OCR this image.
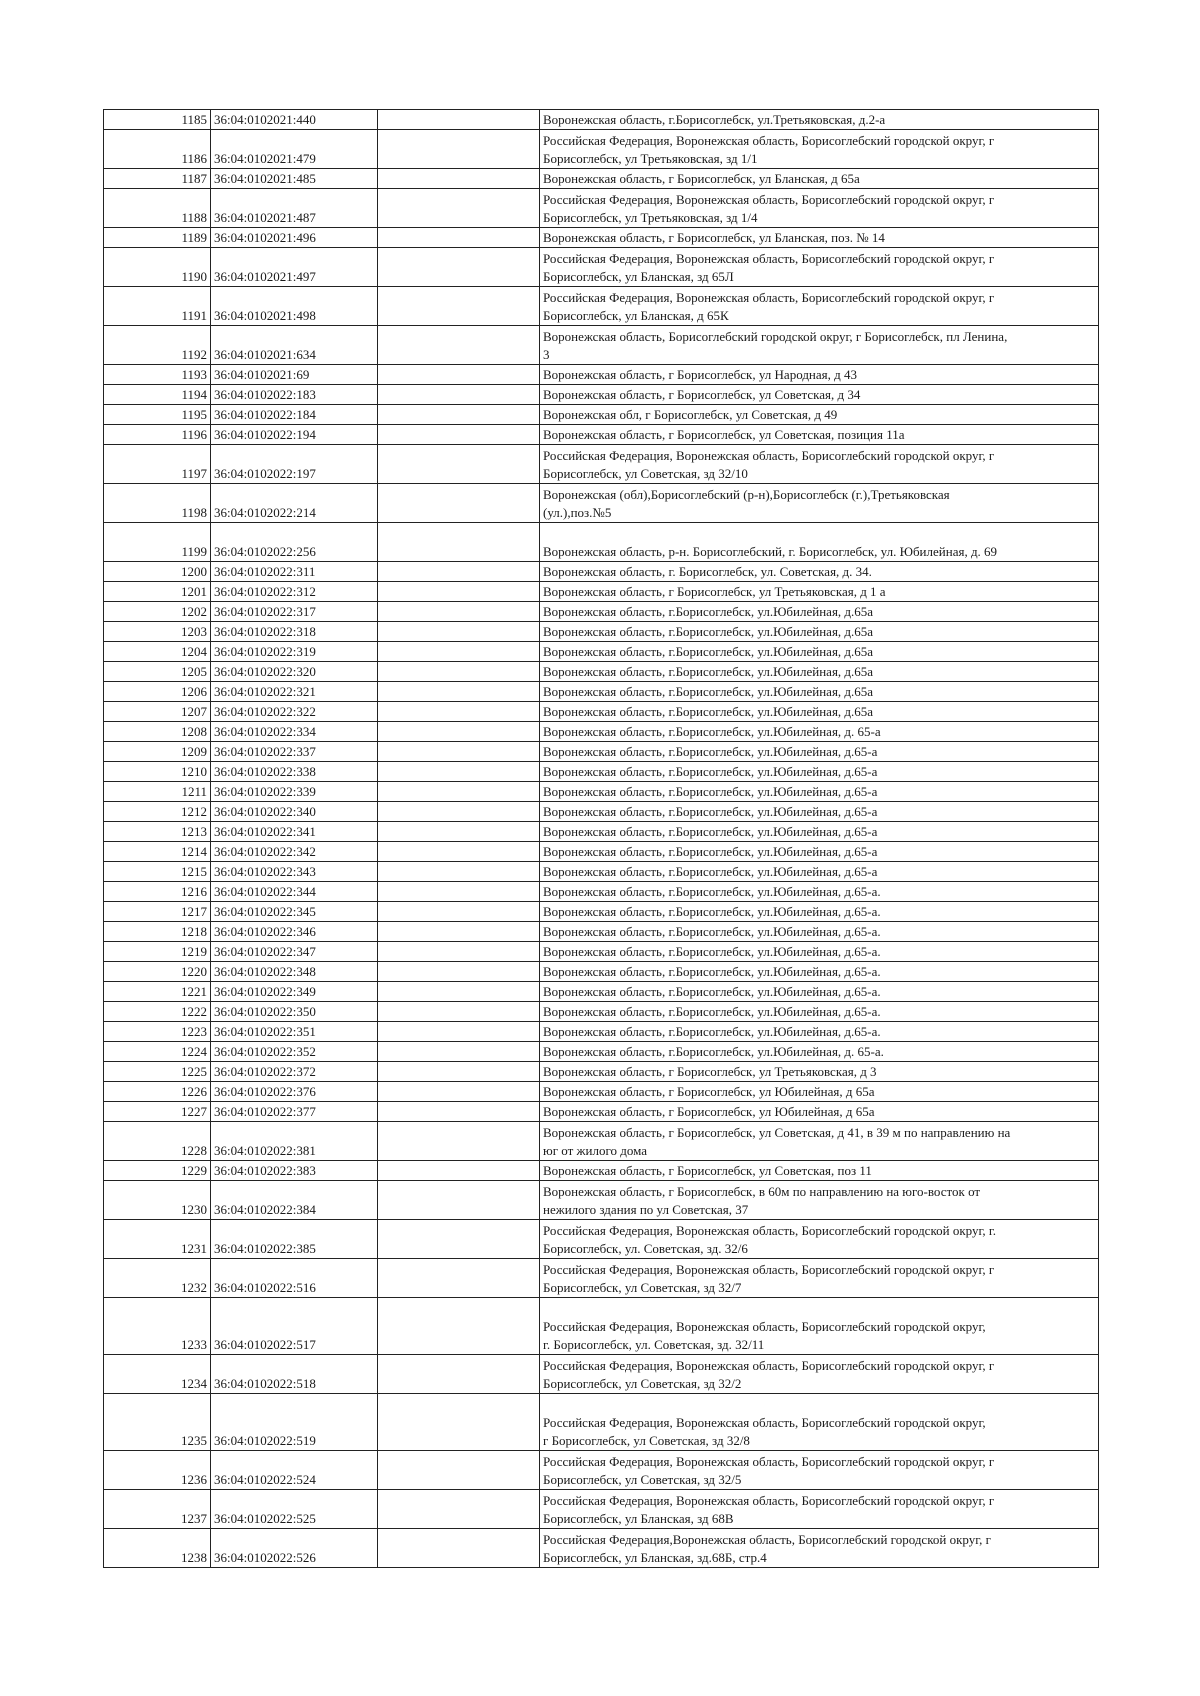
1185	36:04:0102021:440		Воронежская область, г.Борисоглебск, ул.Третьяковская, д.2-а

1186	36:04:0102021:479		Российская Федерация, Воронежская область, Борисоглебский городской округ, г
Борисоглебск, ул Третьяковская, зд 1/1

1187	36:04:0102021:485		Воронежская область, г Борисоглебск, ул Бланская, д 65а

1188	36:04:0102021:487		Российская Федерация, Воронежская область, Борисоглебский городской округ, г
Борисоглебск, ул Третьяковская, зд 1/4

1189	36:04:0102021:496		Воронежская область, г Борисоглебск, ул Бланская, поз. № 14

1190	36:04:0102021:497		Российская Федерация, Воронежская область, Борисоглебский городской округ, г
Борисоглебск, ул Бланская, зд 65Л

1191	36:04:0102021:498		Российская Федерация, Воронежская область, Борисоглебский городской округ, г
Борисоглебск, ул Бланская, д 65К

1192	36:04:0102021:634		Воронежская область, Борисоглебский городской округ, г Борисоглебск, пл Ленина,
3

1193	36:04:0102021:69		Воронежская область, г Борисоглебск, ул Народная, д 43

1194	36:04:0102022:183		Воронежская область, г Борисоглебск, ул Советская, д 34

1195	36:04:0102022:184		Воронежская обл, г Борисоглебск, ул Советская, д 49

1196	36:04:0102022:194		Воронежская область, г Борисоглебск, ул Советская, позиция 11а

1197	36:04:0102022:197		Российская Федерация, Воронежская область, Борисоглебский городской округ, г
Борисоглебск, ул Советская, зд 32/10

1198	36:04:0102022:214		Воронежская (обл),Борисоглебский (р-н),Борисоглебск (г.),Третьяковская
(ул.),поз.№5

1199	36:04:0102022:256		Воронежская область, р-н. Борисоглебский, г. Борисоглебск, ул. Юбилейная, д. 69

1200	36:04:0102022:311		Воронежская область, г. Борисоглебск, ул. Советская, д. 34.

1201	36:04:0102022:312		Воронежская область, г Борисоглебск, ул Третьяковская, д 1 а

1202	36:04:0102022:317		Воронежская область, г.Борисоглебск, ул.Юбилейная, д.65а

1203	36:04:0102022:318		Воронежская область, г.Борисоглебск, ул.Юбилейная, д.65а

1204	36:04:0102022:319		Воронежская область, г.Борисоглебск, ул.Юбилейная, д.65а

1205	36:04:0102022:320		Воронежская область, г.Борисоглебск, ул.Юбилейная, д.65а

1206	36:04:0102022:321		Воронежская область, г.Борисоглебск, ул.Юбилейная, д.65а

1207	36:04:0102022:322		Воронежская область, г.Борисоглебск, ул.Юбилейная, д.65а

1208	36:04:0102022:334		Воронежская область, г.Борисоглебск, ул.Юбилейная, д. 65-а

1209	36:04:0102022:337		Воронежская область, г.Борисоглебск, ул.Юбилейная, д.65-а

1210	36:04:0102022:338		Воронежская область, г.Борисоглебск, ул.Юбилейная, д.65-а

1211	36:04:0102022:339		Воронежская область, г.Борисоглебск, ул.Юбилейная, д.65-а

1212	36:04:0102022:340		Воронежская область, г.Борисоглебск, ул.Юбилейная, д.65-а

1213	36:04:0102022:341		Воронежская область, г.Борисоглебск, ул.Юбилейная, д.65-а

1214	36:04:0102022:342		Воронежская область, г.Борисоглебск, ул.Юбилейная, д.65-а

1215	36:04:0102022:343		Воронежская область, г.Борисоглебск, ул.Юбилейная, д.65-а

1216	36:04:0102022:344		Воронежская область, г.Борисоглебск, ул.Юбилейная, д.65-а.

1217	36:04:0102022:345		Воронежская область, г.Борисоглебск, ул.Юбилейная, д.65-а.

1218	36:04:0102022:346		Воронежская область, г.Борисоглебск, ул.Юбилейная, д.65-а.

1219	36:04:0102022:347		Воронежская область, г.Борисоглебск, ул.Юбилейная, д.65-а.

1220	36:04:0102022:348		Воронежская область, г.Борисоглебск, ул.Юбилейная, д.65-а.

1221	36:04:0102022:349		Воронежская область, г.Борисоглебск, ул.Юбилейная, д.65-а.

1222	36:04:0102022:350		Воронежская область, г.Борисоглебск, ул.Юбилейная, д.65-а.

1223	36:04:0102022:351		Воронежская область, г.Борисоглебск, ул.Юбилейная, д.65-а.

1224	36:04:0102022:352		Воронежская область, г.Борисоглебск, ул.Юбилейная, д. 65-а.

1225	36:04:0102022:372		Воронежская область, г Борисоглебск, ул Третьяковская, д 3

1226	36:04:0102022:376		Воронежская область, г Борисоглебск, ул Юбилейная, д 65а

1227	36:04:0102022:377		Воронежская область, г Борисоглебск, ул Юбилейная, д 65а

1228	36:04:0102022:381		Воронежская область, г Борисоглебск, ул Советская, д 41, в 39 м по направлению на
юг от жилого дома

1229	36:04:0102022:383		Воронежская область, г Борисоглебск, ул Советская, поз 11

1230	36:04:0102022:384		Воронежская область, г Борисоглебск, в 60м по направлению на юго-восток от
нежилого здания по ул Советская, 37

1231	36:04:0102022:385		Российская Федерация, Воронежская область, Борисоглебский городской округ, г.
Борисоглебск, ул. Советская, зд. 32/6

1232	36:04:0102022:516		Российская Федерация, Воронежская область, Борисоглебский городской округ, г
Борисоглебск, ул Советская, зд 32/7

1233	36:04:0102022:517		Российская Федерация, Воронежская область, Борисоглебский городской округ,
г. Борисоглебск, ул. Советская, зд. 32/11

1234	36:04:0102022:518		Российская Федерация, Воронежская область, Борисоглебский городской округ, г
Борисоглебск, ул Советская, зд 32/2

1235	36:04:0102022:519		Российская Федерация, Воронежская область, Борисоглебский городской округ,
г Борисоглебск, ул Советская, зд 32/8

1236	36:04:0102022:524		Российская Федерация, Воронежская область, Борисоглебский городской округ, г
Борисоглебск, ул Советская, зд 32/5

1237	36:04:0102022:525		Российская Федерация, Воронежская область, Борисоглебский городской округ, г
Борисоглебск, ул Бланская, зд 68В

1238	36:04:0102022:526		Российская Федерация,Воронежская область, Борисоглебский городской округ, г
Борисоглебск, ул Бланская, зд.68Б, стр.4
